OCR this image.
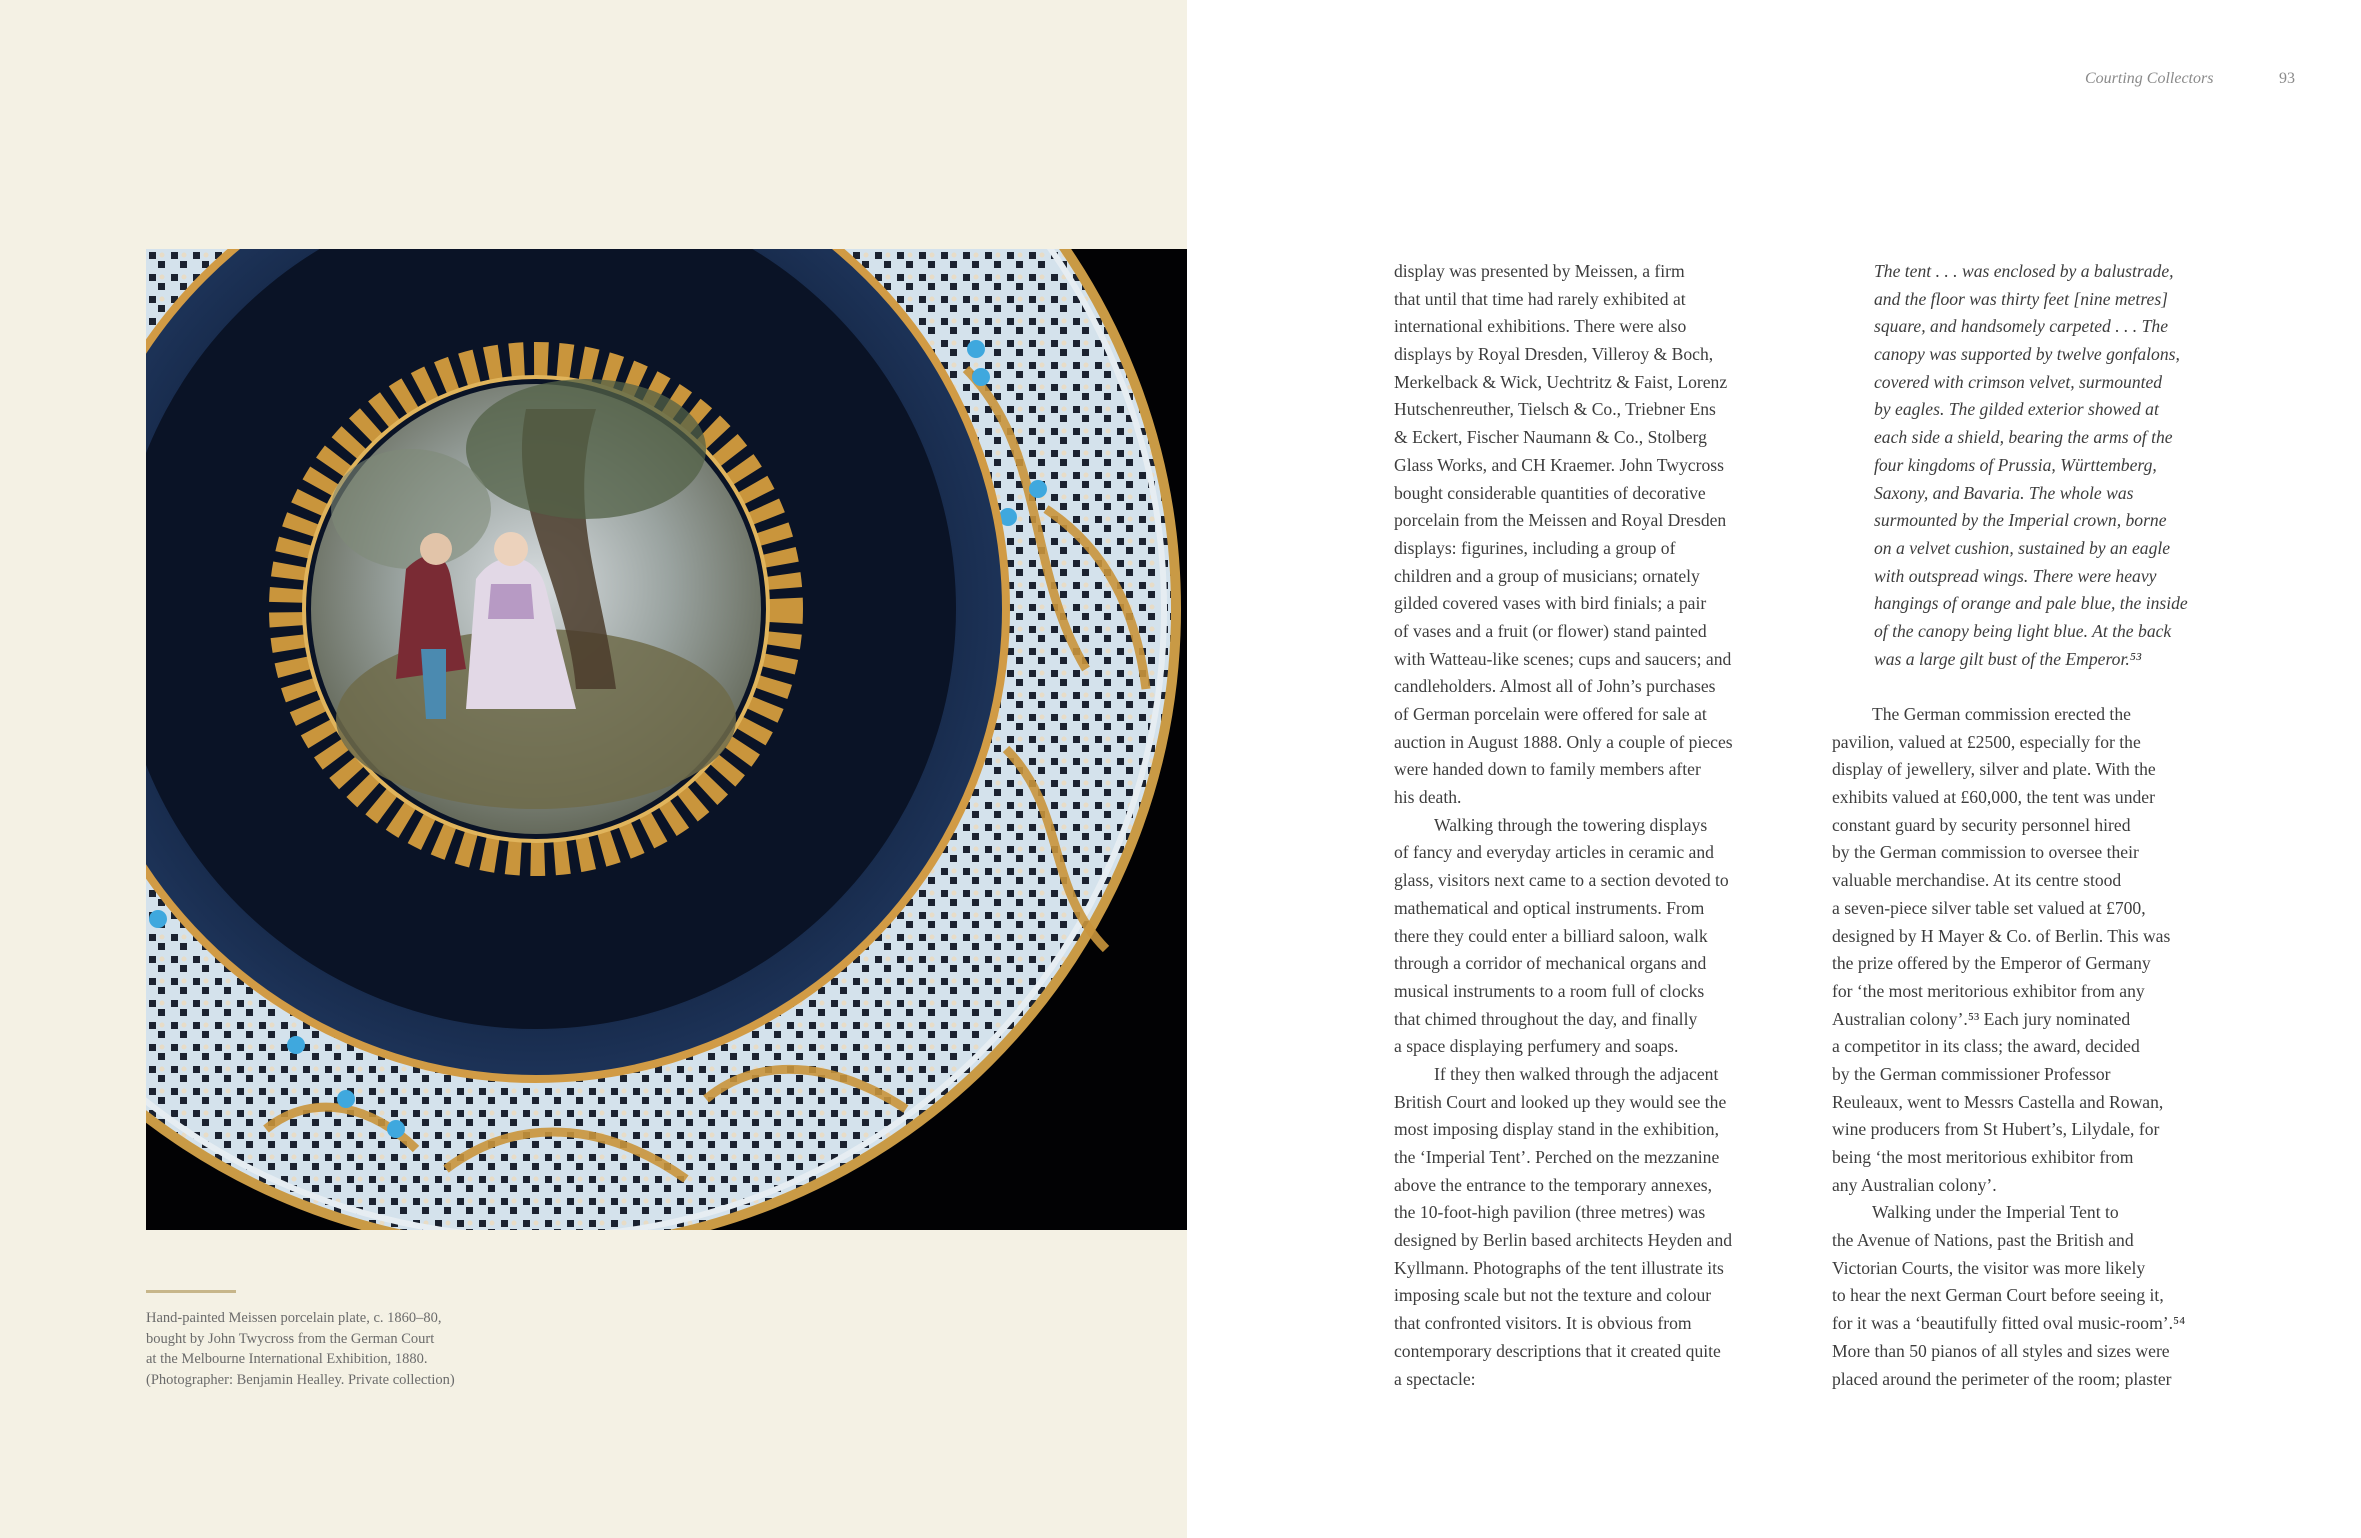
Hand-painted Meissen porcelain plate, c. 1860–80,
bought by John Twycross from the German Court
at the Melbourne International Exhibition, 1880.
(Photographer: Benjamin Healley. Private collection)
Courting Collectors	93
display was presented by Meissen, a firm
that until that time had rarely exhibited at
international exhibitions. There were also
displays by Royal Dresden, Villeroy & Boch,
Merkelback & Wick, Uechtritz & Faist, Lorenz
Hutschenreuther, Tielsch & Co., Triebner Ens
& Eckert, Fischer Naumann & Co., Stolberg
Glass Works, and CH Kraemer. John Twycross
bought considerable quantities of decorative
porcelain from the Meissen and Royal Dresden
displays: figurines, including a group of
children and a group of musicians; ornately
gilded covered vases with bird finials; a pair
of vases and a fruit (or flower) stand painted
with Watteau-like scenes; cups and saucers; and
candleholders. Almost all of John’s purchases
of German porcelain were offered for sale at
auction in August 1888. Only a couple of pieces
were handed down to family members after
his death.
Walking through the towering displays
of fancy and everyday articles in ceramic and
glass, visitors next came to a section devoted to
mathematical and optical instruments. From
there they could enter a billiard saloon, walk
through a corridor of mechanical organs and
musical instruments to a room full of clocks
that chimed throughout the day, and finally
a space displaying perfumery and soaps.
If they then walked through the adjacent
British Court and looked up they would see the
most imposing display stand in the exhibition,
the ‘Imperial Tent’. Perched on the mezzanine
above the entrance to the temporary annexes,
the 10-foot-high pavilion (three metres) was
designed by Berlin based architects Heyden and
Kyllmann. Photographs of the tent illustrate its
imposing scale but not the texture and colour
that confronted visitors. It is obvious from
contemporary descriptions that it created quite
a spectacle:
The tent . . . was enclosed by a balustrade,
and the floor was thirty feet [nine metres]
square, and handsomely carpeted . . . The
canopy was supported by twelve gonfalons,
covered with crimson velvet, surmounted
by eagles. The gilded exterior showed at
each side a shield, bearing the arms of the
four kingdoms of Prussia, Württemberg,
Saxony, and Bavaria. The whole was
surmounted by the Imperial crown, borne
on a velvet cushion, sustained by an eagle
with outspread wings. There were heavy
hangings of orange and pale blue, the inside
of the canopy being light blue. At the back
was a large gilt bust of the Emperor.⁵³
The German commission erected the
pavilion, valued at £2500, especially for the
display of jewellery, silver and plate. With the
exhibits valued at £60,000, the tent was under
constant guard by security personnel hired
by the German commission to oversee their
valuable merchandise. At its centre stood
a seven-piece silver table set valued at £700,
designed by H Mayer & Co. of Berlin. This was
the prize offered by the Emperor of Germany
for ‘the most meritorious exhibitor from any
Australian colony’.⁵³ Each jury nominated
a competitor in its class; the award, decided
by the German commissioner Professor
Reuleaux, went to Messrs Castella and Rowan,
wine producers from St Hubert’s, Lilydale, for
being ‘the most meritorious exhibitor from
any Australian colony’.
Walking under the Imperial Tent to
the Avenue of Nations, past the British and
Victorian Courts, the visitor was more likely
to hear the next German Court before seeing it,
for it was a ‘beautifully fitted oval music-room’.⁵⁴
More than 50 pianos of all styles and sizes were
placed around the perimeter of the room; plaster
